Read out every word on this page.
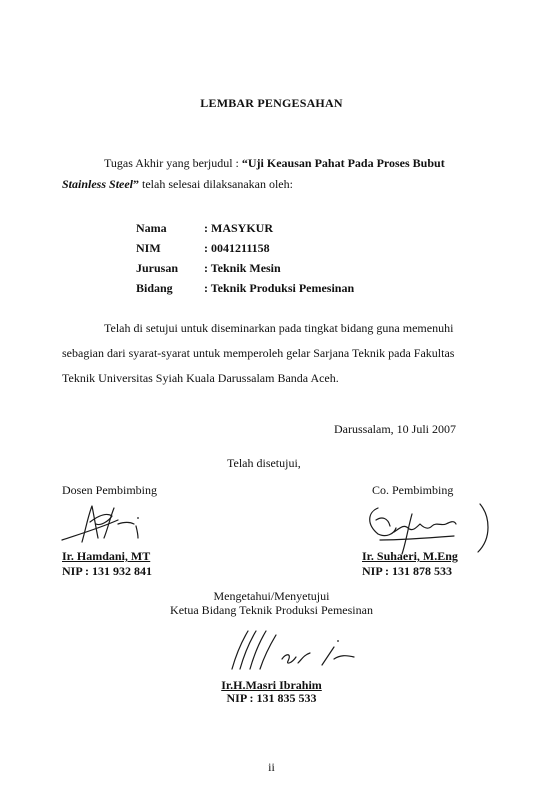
LEMBAR PENGESAHAN
Tugas Akhir yang berjudul : “Uji Keausan Pahat Pada Proses Bubut
Stainless Steel” telah selesai dilaksanakan oleh:
Nama	: MASYKUR
NIM	: 0041211158
Jurusan : Teknik Mesin
Bidang	: Teknik Produksi Pemesinan
Telah di setujui untuk diseminarkan pada tingkat bidang guna memenuhi
sebagian dari syarat-syarat untuk memperoleh gelar Sarjana Teknik pada Fakultas
Teknik Universitas Syiah Kuala Darussalam Banda Aceh.
Darussalam, 10 Juli 2007
Telah disetujui,
Dosen Pembimbing	Co. Pembimbing
Ir. Hamdani, MT
NIP : 131 932 841
Ir. Suhaeri, M.Eng
NIP : 131 878 533
Mengetahui/Menyetujui
Ketua Bidang Teknik Produksi Pemesinan
Ir.H.Masri Ibrahim
NIP : 131 835 533
ii
